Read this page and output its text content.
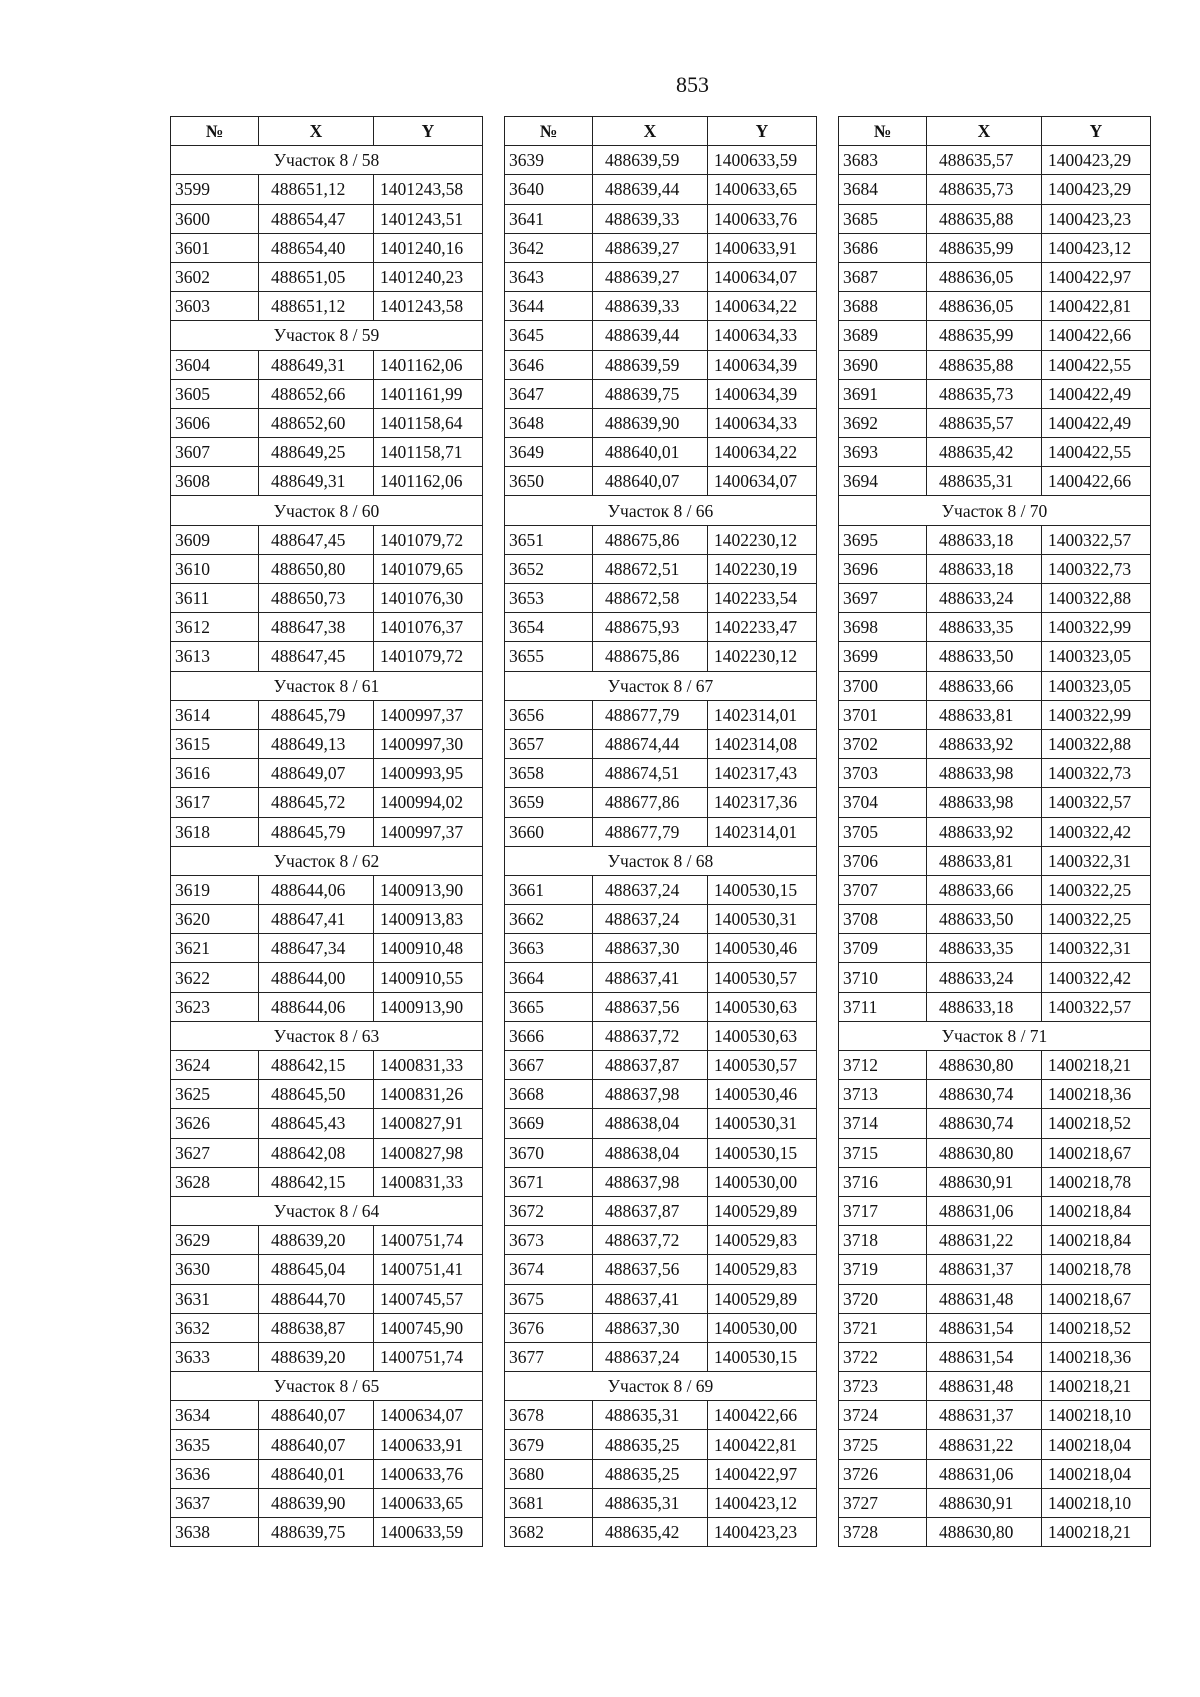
853
№	X	Y
Участок 8 / 58		
3599	488651,12	1401243,58
3600	488654,47	1401243,51
3601	488654,40	1401240,16
3602	488651,05	1401240,23
3603	488651,12	1401243,58
Участок 8 / 59		
3604	488649,31	1401162,06
3605	488652,66	1401161,99
3606	488652,60	1401158,64
3607	488649,25	1401158,71
3608	488649,31	1401162,06
Участок 8 / 60		
3609	488647,45	1401079,72
3610	488650,80	1401079,65
3611	488650,73	1401076,30
3612	488647,38	1401076,37
3613	488647,45	1401079,72
Участок 8 / 61		
3614	488645,79	1400997,37
3615	488649,13	1400997,30
3616	488649,07	1400993,95
3617	488645,72	1400994,02
3618	488645,79	1400997,37
Участок 8 / 62		
3619	488644,06	1400913,90
3620	488647,41	1400913,83
3621	488647,34	1400910,48
3622	488644,00	1400910,55
3623	488644,06	1400913,90
Участок 8 / 63		
3624	488642,15	1400831,33
3625	488645,50	1400831,26
3626	488645,43	1400827,91
3627	488642,08	1400827,98
3628	488642,15	1400831,33
Участок 8 / 64		
3629	488639,20	1400751,74
3630	488645,04	1400751,41
3631	488644,70	1400745,57
3632	488638,87	1400745,90
3633	488639,20	1400751,74
Участок 8 / 65		
3634	488640,07	1400634,07
3635	488640,07	1400633,91
3636	488640,01	1400633,76
3637	488639,90	1400633,65
3638	488639,75	1400633,59
№	X	Y
3639	488639,59	1400633,59
3640	488639,44	1400633,65
3641	488639,33	1400633,76
3642	488639,27	1400633,91
3643	488639,27	1400634,07
3644	488639,33	1400634,22
3645	488639,44	1400634,33
3646	488639,59	1400634,39
3647	488639,75	1400634,39
3648	488639,90	1400634,33
3649	488640,01	1400634,22
3650	488640,07	1400634,07
Участок 8 / 66		
3651	488675,86	1402230,12
3652	488672,51	1402230,19
3653	488672,58	1402233,54
3654	488675,93	1402233,47
3655	488675,86	1402230,12
Участок 8 / 67		
3656	488677,79	1402314,01
3657	488674,44	1402314,08
3658	488674,51	1402317,43
3659	488677,86	1402317,36
3660	488677,79	1402314,01
Участок 8 / 68		
3661	488637,24	1400530,15
3662	488637,24	1400530,31
3663	488637,30	1400530,46
3664	488637,41	1400530,57
3665	488637,56	1400530,63
3666	488637,72	1400530,63
3667	488637,87	1400530,57
3668	488637,98	1400530,46
3669	488638,04	1400530,31
3670	488638,04	1400530,15
3671	488637,98	1400530,00
3672	488637,87	1400529,89
3673	488637,72	1400529,83
3674	488637,56	1400529,83
3675	488637,41	1400529,89
3676	488637,30	1400530,00
3677	488637,24	1400530,15
Участок 8 / 69		
3678	488635,31	1400422,66
3679	488635,25	1400422,81
3680	488635,25	1400422,97
3681	488635,31	1400423,12
3682	488635,42	1400423,23
№	X	Y
3683	488635,57	1400423,29
3684	488635,73	1400423,29
3685	488635,88	1400423,23
3686	488635,99	1400423,12
3687	488636,05	1400422,97
3688	488636,05	1400422,81
3689	488635,99	1400422,66
3690	488635,88	1400422,55
3691	488635,73	1400422,49
3692	488635,57	1400422,49
3693	488635,42	1400422,55
3694	488635,31	1400422,66
Участок 8 / 70		
3695	488633,18	1400322,57
3696	488633,18	1400322,73
3697	488633,24	1400322,88
3698	488633,35	1400322,99
3699	488633,50	1400323,05
3700	488633,66	1400323,05
3701	488633,81	1400322,99
3702	488633,92	1400322,88
3703	488633,98	1400322,73
3704	488633,98	1400322,57
3705	488633,92	1400322,42
3706	488633,81	1400322,31
3707	488633,66	1400322,25
3708	488633,50	1400322,25
3709	488633,35	1400322,31
3710	488633,24	1400322,42
3711	488633,18	1400322,57
Участок 8 / 71		
3712	488630,80	1400218,21
3713	488630,74	1400218,36
3714	488630,74	1400218,52
3715	488630,80	1400218,67
3716	488630,91	1400218,78
3717	488631,06	1400218,84
3718	488631,22	1400218,84
3719	488631,37	1400218,78
3720	488631,48	1400218,67
3721	488631,54	1400218,52
3722	488631,54	1400218,36
3723	488631,48	1400218,21
3724	488631,37	1400218,10
3725	488631,22	1400218,04
3726	488631,06	1400218,04
3727	488630,91	1400218,10
3728	488630,80	1400218,21
